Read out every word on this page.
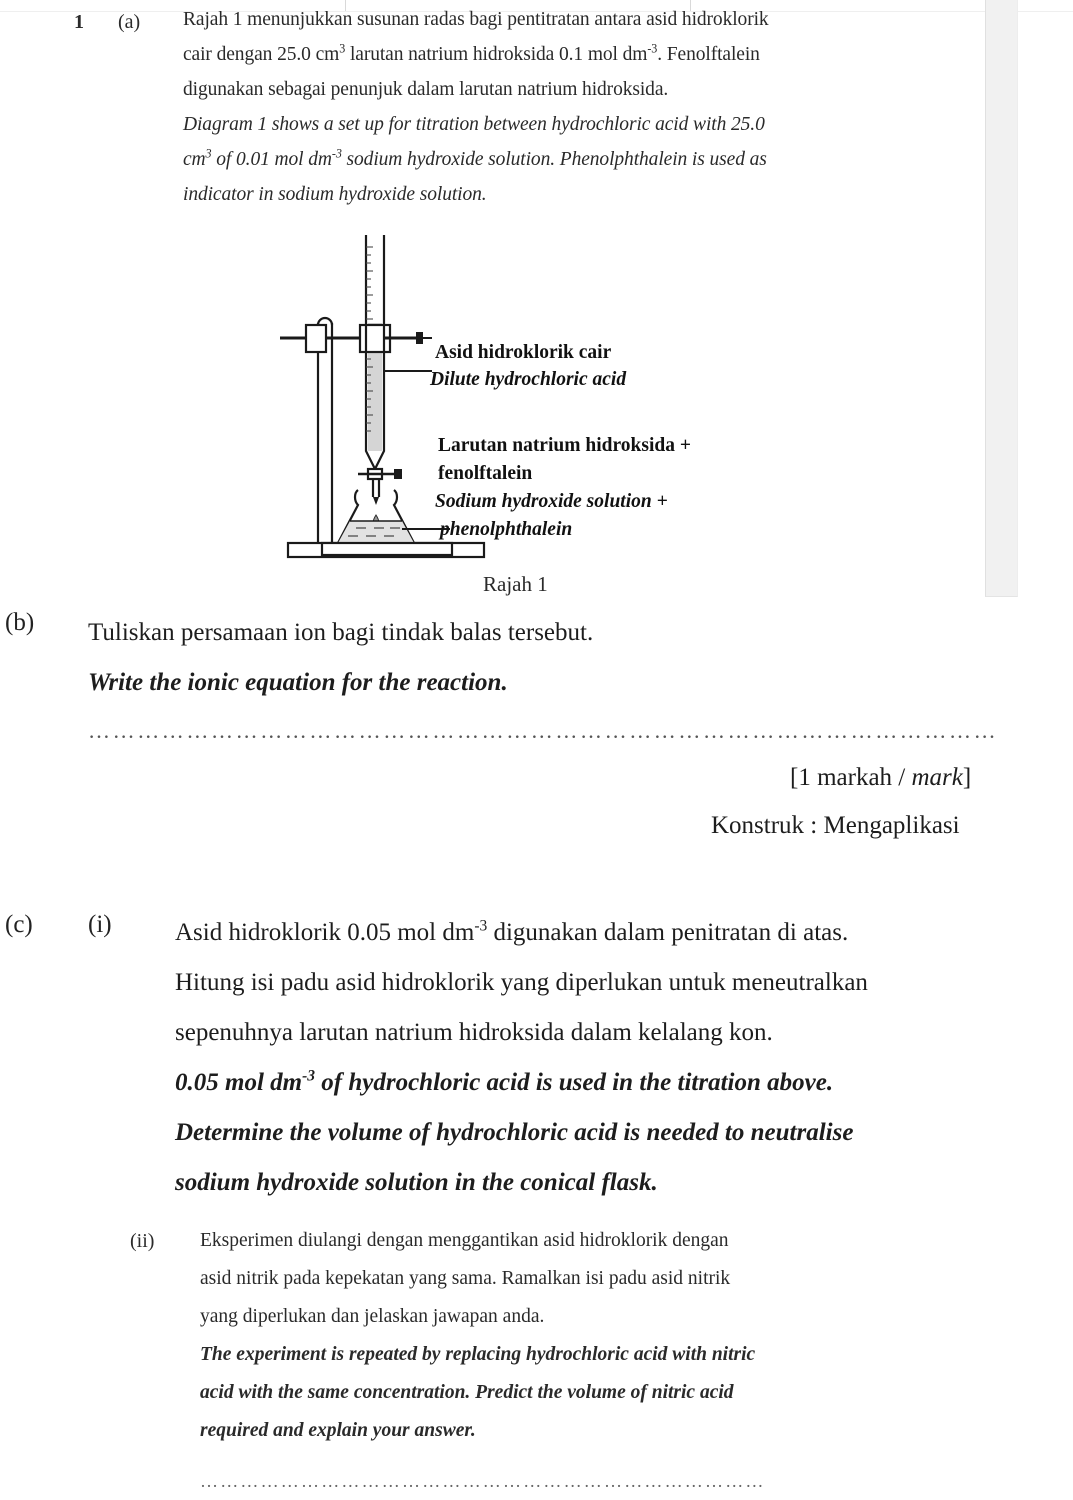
1 (a) Rajah 1 menunjukkan susunan radas bagi pentitratan antara asid hidroklorik

cair dengan 25.0 $cm^3$ larutan natrium hidroksida 0.1 mol $dm^{-3}$. Fenolftalein

digunakan sebagai penunjuk dalam larutan natrium hidroksida.

Diagram 1 shows a set up for titration between hydrochloric acid with 25.0

$cm^3$ of 0.01 mol $dm^{-3}$ sodium hydroxide solution. Phenolphthalein is used as

indicator in sodium hydroxide solution.

Asid hidroklorik cair
Dilute hydrochloric acid
Larutan natrium hidroksida +
fenolftalein
Sodium hydroxide solution +
phenolphthalein
Rajah 1
(b) Tuliskan persamaan ion bagi tindak balas tersebut.

Write the ionic equation for the reaction.

…………………………………………………………………………………………………
[1 markah / mark]
Konstruk : Mengaplikasi
(c) (i)	Asid hidroklorik 0.05 mol $dm^{-3}$ digunakan dalam penitratan di atas.

Hitung isi padu asid hidroklorik yang diperlukan untuk meneutralkan

sepenuhnya larutan natrium hidroksida dalam kelalang kon.

0.05 mol $dm^{-3}$ of hydrochloric acid is used in the titration above.

Determine the volume of hydrochloric acid is needed to neutralise

sodium hydroxide solution in the conical flask.

(ii) Eksperimen diulangi dengan menggantikan asid hidroklorik dengan

asid nitrik pada kepekatan yang sama. Ramalkan isi padu asid nitrik

yang diperlukan dan jelaskan jawapan anda.

The experiment is repeated by replacing hydrochloric acid with nitric

acid with the same concentration. Predict the volume of nitric acid

required and explain your answer.

…………………………………………………………………………
